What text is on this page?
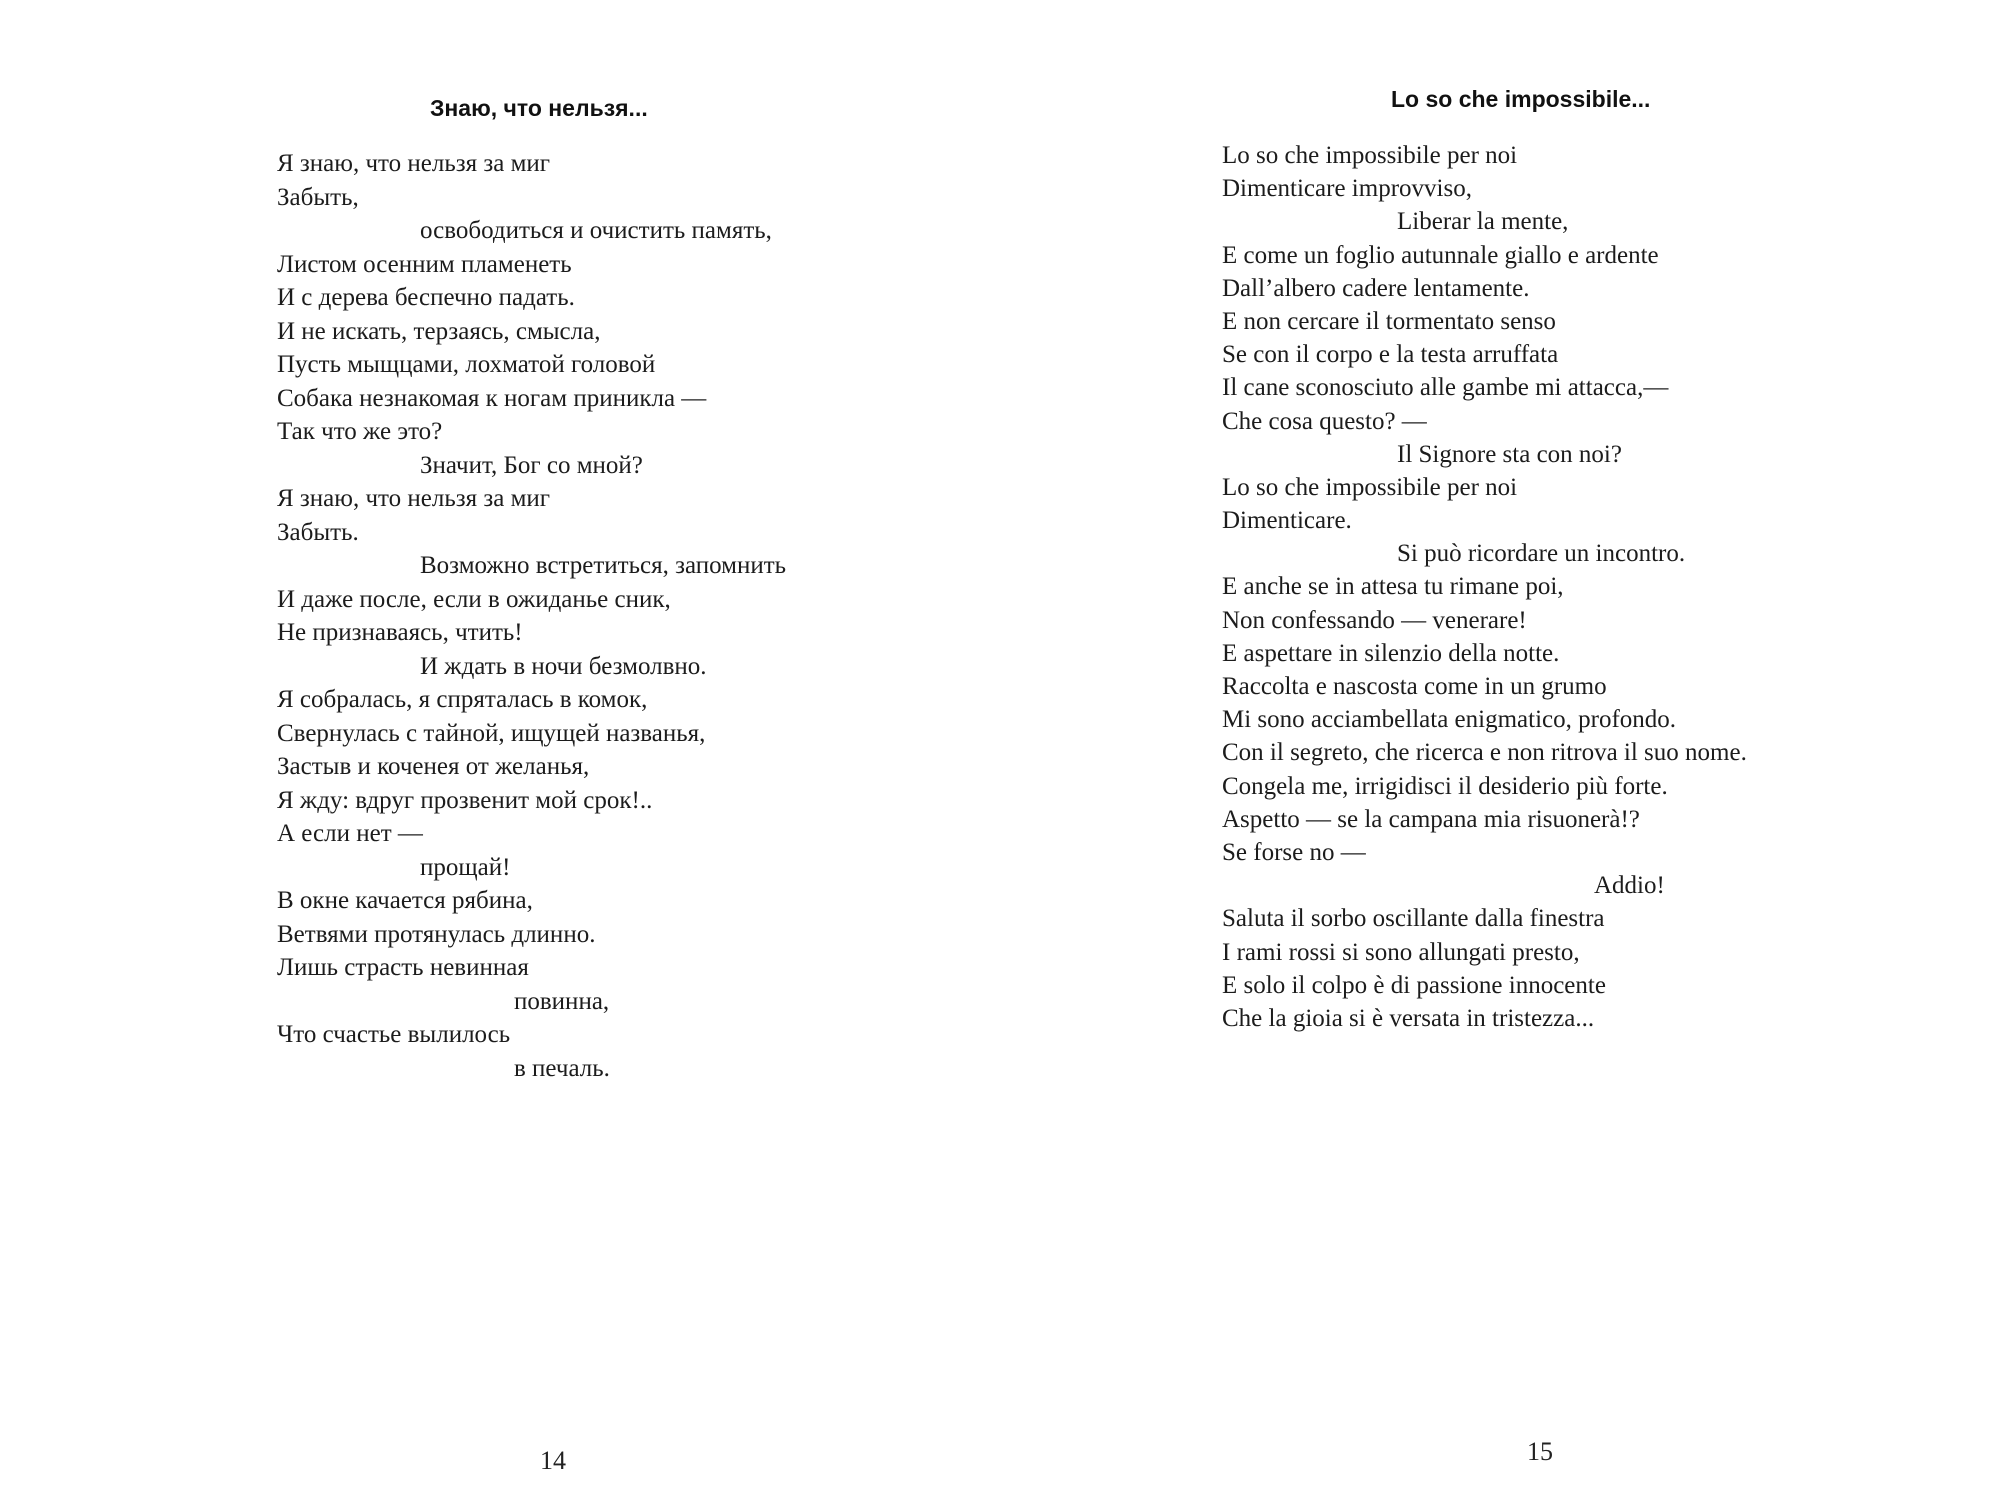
Знаю, что нельзя...
Я знаю, что нельзя за миг
Забыть,
освободиться и очистить память,
Листом осенним пламенеть
И с дерева беспечно падать.
И не искать, терзаясь, смысла,
Пусть мыщцами, лохматой головой
Собака незнакомая к ногам приникла —
Так что же это?
Значит, Бог со мной?
Я знаю, что нельзя за миг
Забыть.
Возможно встретиться, запомнить
И даже после, если в ожиданье сник,
Не признаваясь, чтить!
И ждать в ночи безмолвно.
Я собралась, я спряталась в комок,
Свернулась с тайной, ищущей названья,
Застыв и коченея от желанья,
Я жду: вдруг прозвенит мой срок!..
А если нет —
прощай!
В окне качается рябина,
Ветвями протянулась длинно.
Лишь страсть невинная
повинна,
Что счастье вылилось
в печаль.
14
Lo so che impossibile...
Lo so che impossibile per noi
Dimenticare improvviso,
Liberar la mente,
E come un foglio autunnale giallo e ardente
Dall’albero cadere lentamente.
E non cercare il tormentato senso
Se con il corpo e la testa arruffata
Il cane sconosciuto alle gambe mi attacca,—
Che cosa questo? —
Il Signore sta con noi?
Lo so che impossibile per noi
Dimenticare.
Si può ricordare un incontro.
E anche se in attesa tu rimane poi,
Non confessando — venerare!
E aspettare in silenzio della notte.
Raccolta e nascosta come in un grumo
Mi sono acciambellata enigmatico, profondo.
Con il segreto, che ricerca e non ritrova il suo nome.
Congela me, irrigidisci il desiderio più forte.
Aspetto — se la campana mia risuonerà!?
Se forse no —
Addio!
Saluta il sorbo oscillante dalla finestra
I rami rossi si sono allungati presto,
E solo il colpo è di passione innocente
Che la gioia si è versata in tristezza...
15
